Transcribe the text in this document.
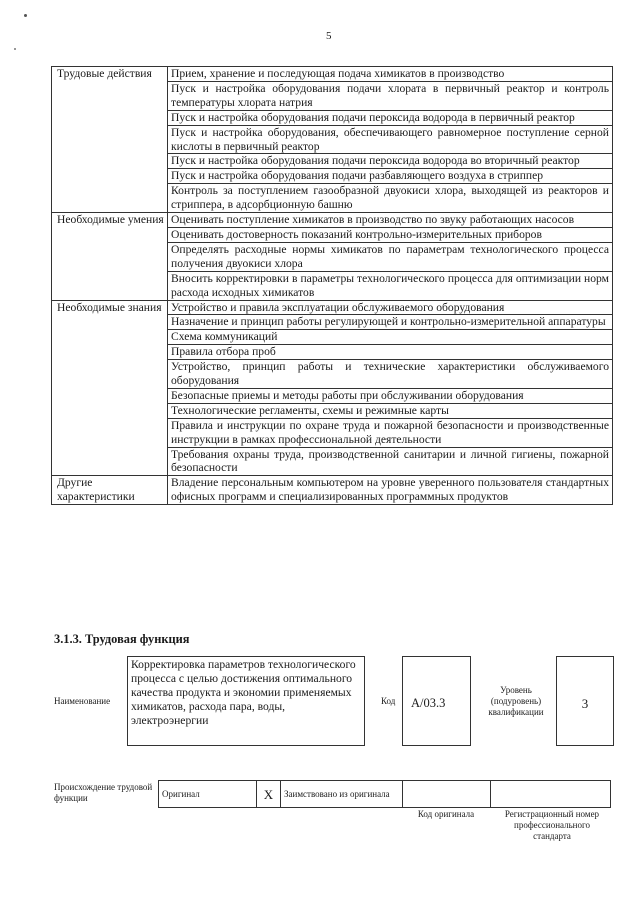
5
Трудовые действия	Прием, хранение и последующая подача химикатов в производство
	Пуск и настройка оборудования подачи хлората в первичный реактор и контроль температуры хлората натрия
	Пуск и настройка оборудования подачи пероксида водорода в первичный реактор
	Пуск и настройка оборудования, обеспечивающего равномерное поступление серной кислоты в первичный реактор
	Пуск и настройка оборудования подачи пероксида водорода во вторичный реактор
	Пуск и настройка оборудования подачи разбавляющего воздуха в стриппер
	Контроль за поступлением газообразной двуокиси хлора, выходящей из реакторов и стриппера, в адсорбционную башню
Необходимые умения	Оценивать поступление химикатов в производство по звуку работающих насосов
	Оценивать достоверность показаний контрольно-измерительных приборов
	Определять расходные нормы химикатов по параметрам технологического процесса получения двуокиси хлора
	Вносить корректировки в параметры технологического процесса для оптимизации норм расхода исходных химикатов
Необходимые знания	Устройство и правила эксплуатации обслуживаемого оборудования
	Назначение и принцип работы регулирующей и контрольно-измерительной аппаратуры
	Схема коммуникаций
	Правила отбора проб
	Устройство, принцип работы и технические характеристики обслуживаемого оборудования
	Безопасные приемы и методы работы при обслуживании оборудования
	Технологические регламенты, схемы и режимные карты
	Правила и инструкции по охране труда и пожарной безопасности и производственные инструкции в рамках профессиональной деятельности
	Требования охраны труда, производственной санитарии и личной гигиены, пожарной безопасности
Другие характеристики	Владение персональным компьютером на уровне уверенного пользователя стандартных офисных программ и специализированных программных продуктов
3.1.3. Трудовая функция
Наименование
Корректировка параметров технологического процесса с целью достижения оптимального качества продукта и экономии применяемых химикатов, расхода пара, воды, электроэнергии
Код	А/03.3
Уровень (подуровень) квалификации
3
Происхождение трудовой функции	Оригинал	X	Заимствовано из оригинала		
Код оригинала	Регистрационный номер профессионального стандарта
